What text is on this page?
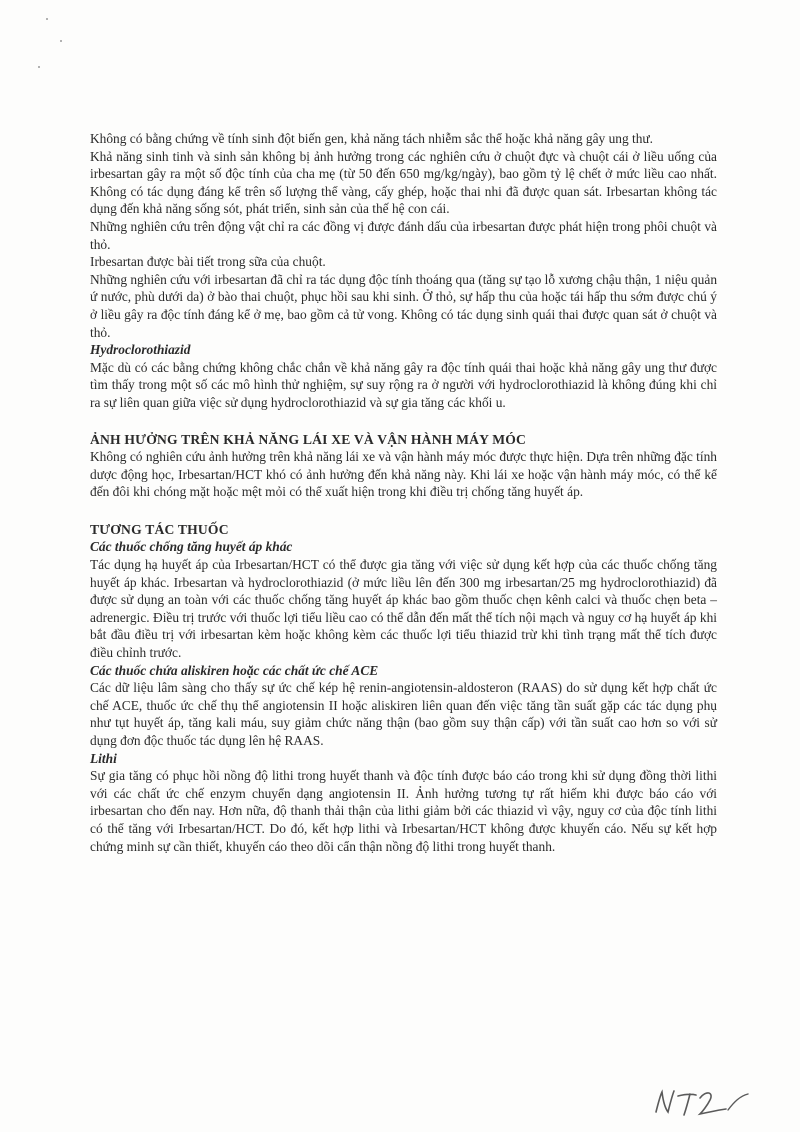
Không có bằng chứng về tính sinh đột biến gen, khả năng tách nhiễm sắc thể hoặc khả năng gây ung thư.

Khả năng sinh tinh và sinh sản không bị ảnh hưởng trong các nghiên cứu ở chuột đực và chuột cái ở liều uống của irbesartan gây ra một số độc tính của cha mẹ (từ 50 đến 650 mg/kg/ngày), bao gồm tỷ lệ chết ở mức liều cao nhất. Không có tác dụng đáng kể trên số lượng thể vàng, cấy ghép, hoặc thai nhi đã được quan sát. Irbesartan không tác dụng đến khả năng sống sót, phát triển, sinh sản của thế hệ con cái.

Những nghiên cứu trên động vật chỉ ra các đồng vị được đánh dấu của irbesartan được phát hiện trong phôi chuột và thỏ.

Irbesartan được bài tiết trong sữa của chuột.

Những nghiên cứu với irbesartan đã chỉ ra tác dụng độc tính thoáng qua (tăng sự tạo lỗ xương chậu thận, 1 niệu quản ứ nước, phù dưới da) ở bào thai chuột, phục hồi sau khi sinh. Ở thỏ, sự hấp thu của hoặc tái hấp thu sớm được chú ý ở liều gây ra độc tính đáng kể ở mẹ, bao gồm cả tử vong. Không có tác dụng sinh quái thai được quan sát ở chuột và thỏ.

Hydroclorothiazid

Mặc dù có các bằng chứng không chắc chắn về khả năng gây ra độc tính quái thai hoặc khả năng gây ung thư được tìm thấy trong một số các mô hình thử nghiệm, sự suy rộng ra ở người với hydroclorothiazid là không đúng khi chỉ ra sự liên quan giữa việc sử dụng hydroclorothiazid và sự gia tăng các khối u.

ẢNH HƯỞNG TRÊN KHẢ NĂNG LÁI XE VÀ VẬN HÀNH MÁY MÓC

Không có nghiên cứu ảnh hưởng trên khả năng lái xe và vận hành máy móc được thực hiện. Dựa trên những đặc tính dược động học, Irbesartan/HCT khó có ảnh hưởng đến khả năng này. Khi lái xe hoặc vận hành máy móc, có thể kể đến đôi khi chóng mặt hoặc mệt mỏi có thể xuất hiện trong khi điều trị chống tăng huyết áp.

TƯƠNG TÁC THUỐC

Các thuốc chống tăng huyết áp khác

Tác dụng hạ huyết áp của Irbesartan/HCT có thể được gia tăng với việc sử dụng kết hợp của các thuốc chống tăng huyết áp khác. Irbesartan và hydroclorothiazid (ở mức liều lên đến 300 mg irbesartan/25 mg hydroclorothiazid) đã được sử dụng an toàn với các thuốc chống tăng huyết áp khác bao gồm thuốc chẹn kênh calci và thuốc chẹn beta – adrenergic. Điều trị trước với thuốc lợi tiểu liều cao có thể dẫn đến mất thể tích nội mạch và nguy cơ hạ huyết áp khi bắt đầu điều trị với irbesartan kèm hoặc không kèm các thuốc lợi tiểu thiazid trừ khi tình trạng mất thể tích được điều chỉnh trước.

Các thuốc chứa aliskiren hoặc các chất ức chế ACE

Các dữ liệu lâm sàng cho thấy sự ức chế kép hệ renin-angiotensin-aldosteron (RAAS) do sử dụng kết hợp chất ức chế ACE, thuốc ức chế thụ thể angiotensin II hoặc aliskiren liên quan đến việc tăng tần suất gặp các tác dụng phụ như tụt huyết áp, tăng kali máu, suy giảm chức năng thận (bao gồm suy thận cấp) với tần suất cao hơn so với sử dụng đơn độc thuốc tác dụng lên hệ RAAS.

Lithi

Sự gia tăng có phục hồi nồng độ lithi trong huyết thanh và độc tính được báo cáo trong khi sử dụng đồng thời lithi với các chất ức chế enzym chuyển dạng angiotensin II. Ảnh hưởng tương tự rất hiếm khi được báo cáo với irbesartan cho đến nay. Hơn nữa, độ thanh thải thận của lithi giảm bởi các thiazid vì vậy, nguy cơ của độc tính lithi có thể tăng với Irbesartan/HCT. Do đó, kết hợp lithi và Irbesartan/HCT không được khuyến cáo. Nếu sự kết hợp chứng minh sự cần thiết, khuyến cáo theo dõi cẩn thận nồng độ lithi trong huyết thanh.
